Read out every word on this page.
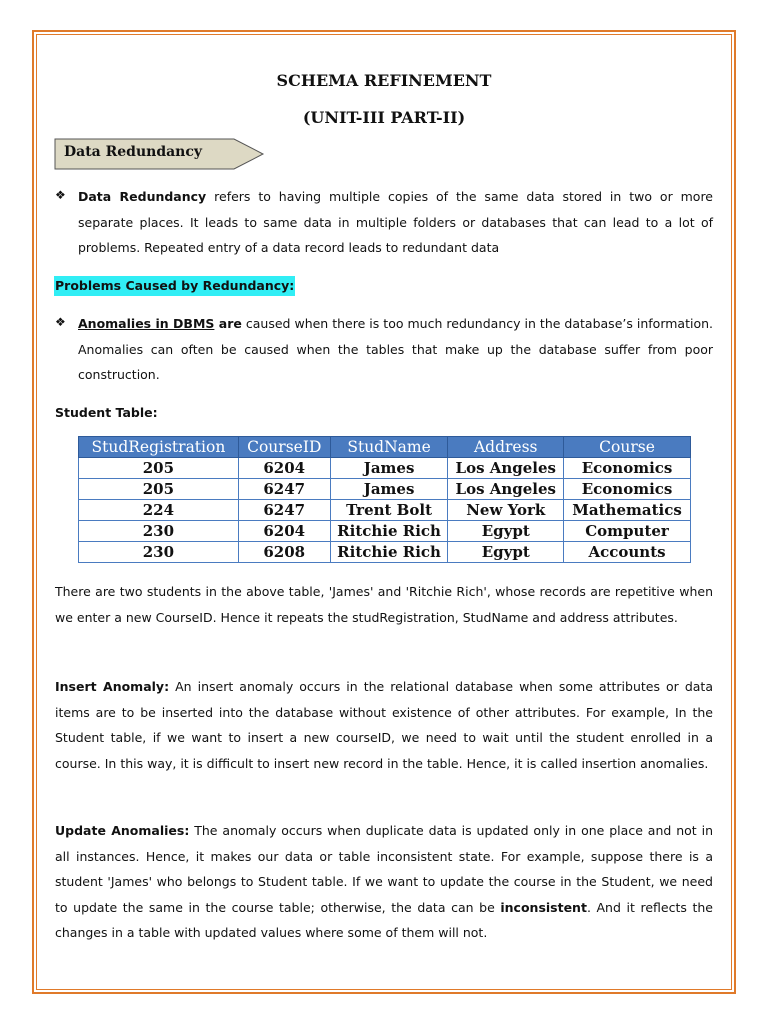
SCHEMA REFINEMENT
(UNIT-III PART-II)
Data Redundancy
❖ Data Redundancy refers to having multiple copies of the same data stored in two or more separate places. It leads to same data in multiple folders or databases that can lead to a lot of problems. Repeated entry of a data record leads to redundant data
Problems Caused by Redundancy:
❖ Anomalies in DBMS are caused when there is too much redundancy in the database’s information. Anomalies can often be caused when the tables that make up the database suffer from poor construction.
Student Table:
StudRegistration	CourseID	StudName	Address	Course
205	6204	James	Los Angeles	Economics
205	6247	James	Los Angeles	Economics
224	6247	Trent Bolt	New York	Mathematics
230	6204	Ritchie Rich	Egypt	Computer
230	6208	Ritchie Rich	Egypt	Accounts
There are two students in the above table, 'James' and 'Ritchie Rich', whose records are repetitive when we enter a new CourseID. Hence it repeats the studRegistration, StudName and address attributes.
Insert Anomaly: An insert anomaly occurs in the relational database when some attributes or data items are to be inserted into the database without existence of other attributes. For example, In the Student table, if we want to insert a new courseID, we need to wait until the student enrolled in a course. In this way, it is difficult to insert new record in the table. Hence, it is called insertion anomalies.
Update Anomalies: The anomaly occurs when duplicate data is updated only in one place and not in all instances. Hence, it makes our data or table inconsistent state. For example, suppose there is a student 'James' who belongs to Student table. If we want to update the course in the Student, we need to update the same in the course table; otherwise, the data can be inconsistent. And it reflects the changes in a table with updated values where some of them will not.
